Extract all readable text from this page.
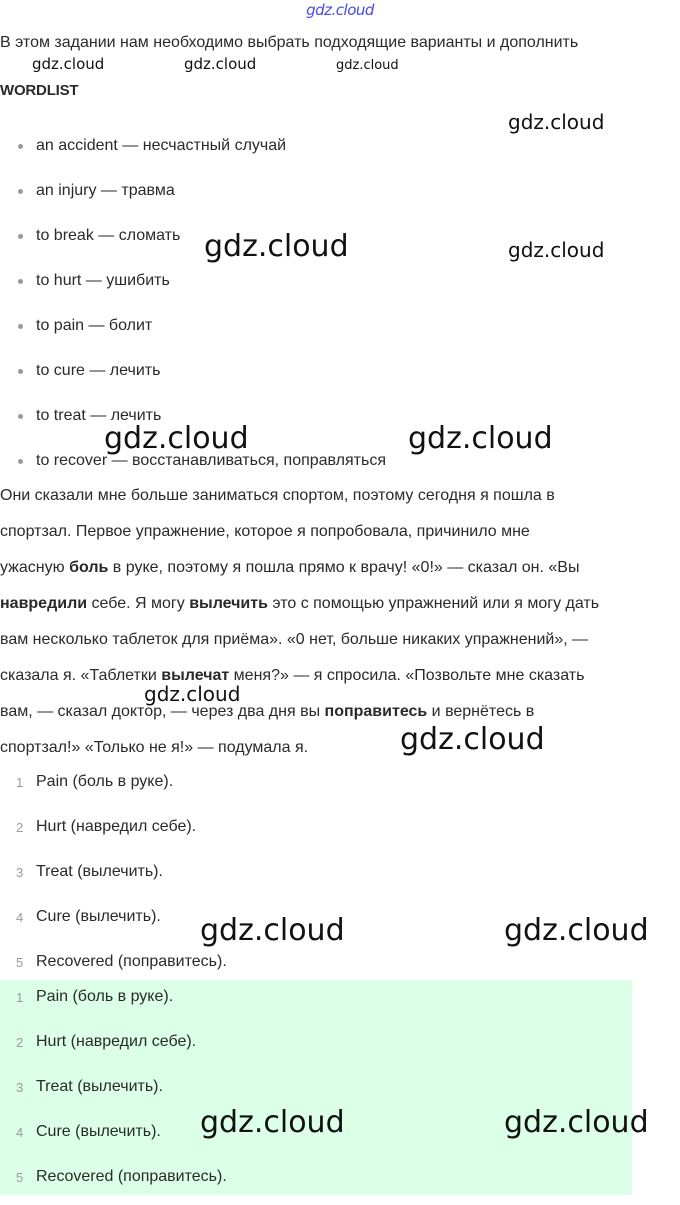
gdz.cloud
В этом задании нам необходимо выбрать подходящие варианты и дополнить
WORDLIST
an accident — несчастный случай
an injury — травма
to break — сломать
to hurt — ушибить
to pain — болит
to cure — лечить
to treat — лечить
to recover — восстанавливаться, поправляться
Они сказали мне больше заниматься спортом, поэтому сегодня я пошла в
спортзал. Первое упражнение, которое я попробовала, причинило мне
ужасную боль в руке, поэтому я пошла прямо к врачу! «0!» — сказал он. «Вы
навредили себе. Я могу вылечить это с помощью упражнений или я могу дать
вам несколько таблеток для приёма». «0 нет, больше никаких упражнений», —
сказала я. «Таблетки вылечат меня?» — я спросила. «Позвольте мне сказать
вам, — сказал доктор, — через два дня вы поправитесь и вернётесь в
спортзал!» «Только не я!» — подумала я.
1 Pain (боль в руке).
2 Hurt (навредил себе).
3 Treat (вылечить).
4 Cure (вылечить).
5 Recovered (поправитесь).
1 Pain (боль в руке).
2 Hurt (навредил себе).
3 Treat (вылечить).
4 Cure (вылечить).
5 Recovered (поправитесь).
gdz.cloud	gdz.cloud	gdz.cloud
gdz.cloud
gdz.cloud	gdz.cloud
gdz.cloud	gdz.cloud
gdz.cloud
gdz.cloud
gdz.cloud	gdz.cloud
gdz.cloud	gdz.cloud
